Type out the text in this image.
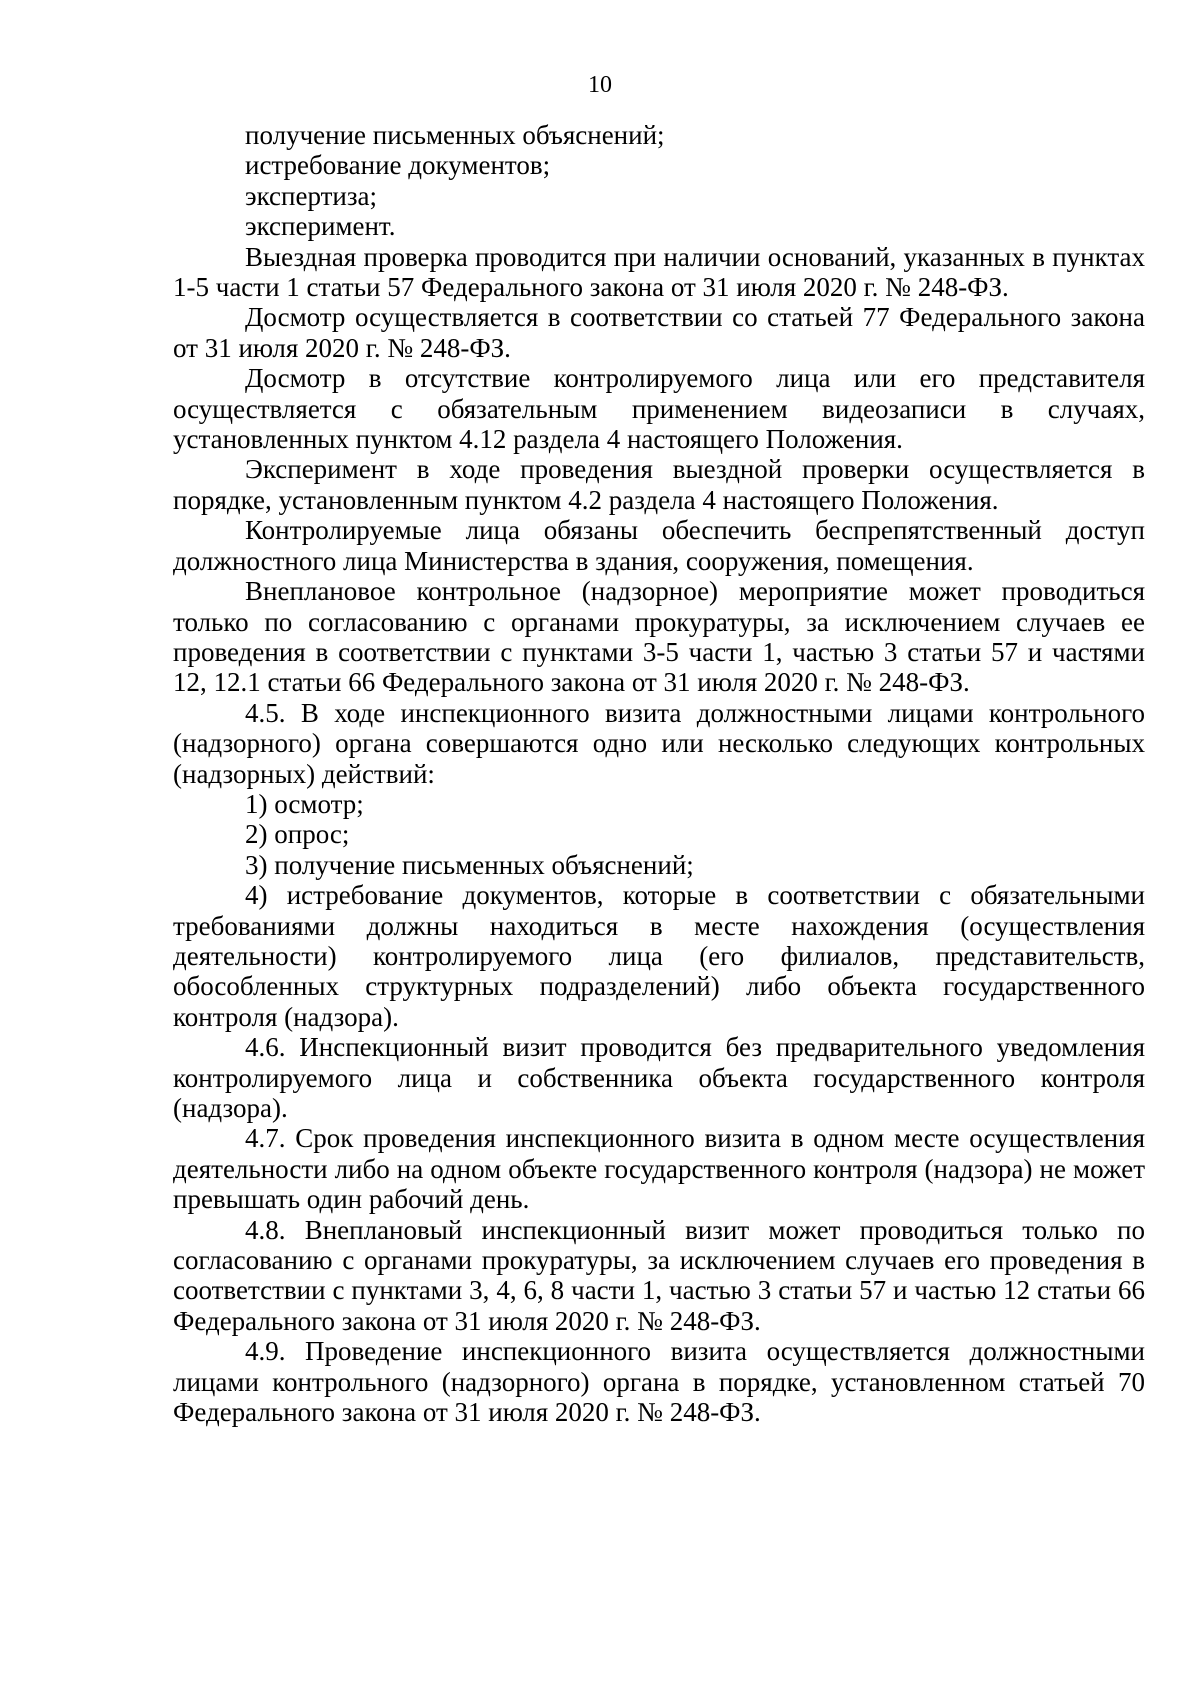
10

получение письменных объяснений;

истребование документов;

экспертиза;

эксперимент.

Выездная проверка проводится при наличии оснований, указанных в пунктах 1-5 части 1 статьи 57 Федерального закона от 31 июля 2020 г. № 248-ФЗ.

Досмотр осуществляется в соответствии со статьей 77 Федерального закона от 31 июля 2020 г. № 248-ФЗ.

Досмотр в отсутствие контролируемого лица или его представителя осуществляется с обязательным применением видеозаписи в случаях, установленных пунктом 4.12 раздела 4 настоящего Положения.

Эксперимент в ходе проведения выездной проверки осуществляется в порядке, установленным пунктом 4.2 раздела 4 настоящего Положения.

Контролируемые лица обязаны обеспечить беспрепятственный доступ должностного лица Министерства в здания, сооружения, помещения.

Внеплановое контрольное (надзорное) мероприятие может проводиться только по согласованию с органами прокуратуры, за исключением случаев ее проведения в соответствии с пунктами 3-5 части 1, частью 3 статьи 57 и частями 12, 12.1 статьи 66 Федерального закона от 31 июля 2020 г. № 248-ФЗ.

4.5. В ходе инспекционного визита должностными лицами контрольного (надзорного) органа совершаются одно или несколько следующих контрольных (надзорных) действий:

1) осмотр;

2) опрос;

3) получение письменных объяснений;

4) истребование документов, которые в соответствии с обязательными требованиями должны находиться в месте нахождения (осуществления деятельности) контролируемого лица (его филиалов, представительств, обособленных структурных подразделений) либо объекта государственного контроля (надзора).

4.6. Инспекционный визит проводится без предварительного уведомления контролируемого лица и собственника объекта государственного контроля (надзора).

4.7. Срок проведения инспекционного визита в одном месте осуществления деятельности либо на одном объекте государственного контроля (надзора) не может превышать один рабочий день.

4.8. Внеплановый инспекционный визит может проводиться только по согласованию с органами прокуратуры, за исключением случаев его проведения в соответствии с пунктами 3, 4, 6, 8 части 1, частью 3 статьи 57 и частью 12 статьи 66 Федерального закона от 31 июля 2020 г. № 248-ФЗ.

4.9. Проведение инспекционного визита осуществляется должностными лицами контрольного (надзорного) органа в порядке, установленном статьей 70 Федерального закона от 31 июля 2020 г. № 248-ФЗ.
